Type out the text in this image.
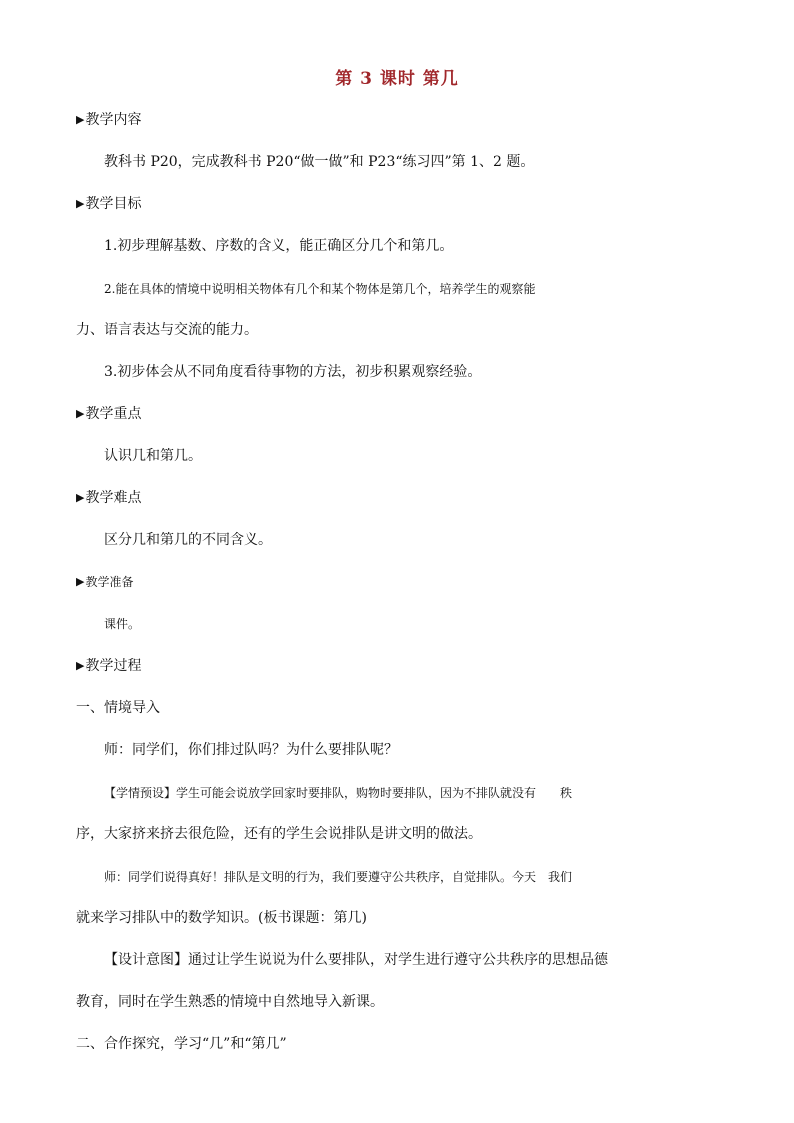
第 3 课时 第几
▶教学内容
教科书 P20，完成教科书 P20“做一做”和 P23“练习四”第 1、2 题。
▶教学目标
1.初步理解基数、序数的含义，能正确区分几个和第几。
2.能在具体的情境中说明相关物体有几个和某个物体是第几个，培养学生的观察能
力、语言表达与交流的能力。
3.初步体会从不同角度看待事物的方法，初步积累观察经验。
▶教学重点
认识几和第几。
▶教学难点
区分几和第几的不同含义。
▶教学准备
课件。
▶教学过程
一、情境导入
师：同学们，你们排过队吗？为什么要排队呢？
【学情预设】学生可能会说放学回家时要排队，购物时要排队，因为不排队就没有　　秩
序，大家挤来挤去很危险，还有的学生会说排队是讲文明的做法。
师：同学们说得真好！排队是文明的行为，我们要遵守公共秩序，自觉排队。今天　我们
就来学习排队中的数学知识。(板书课题：第几)
【设计意图】通过让学生说说为什么要排队，对学生进行遵守公共秩序的思想品德
教育，同时在学生熟悉的情境中自然地导入新课。
二、合作探究，学习“几”和“第几”
